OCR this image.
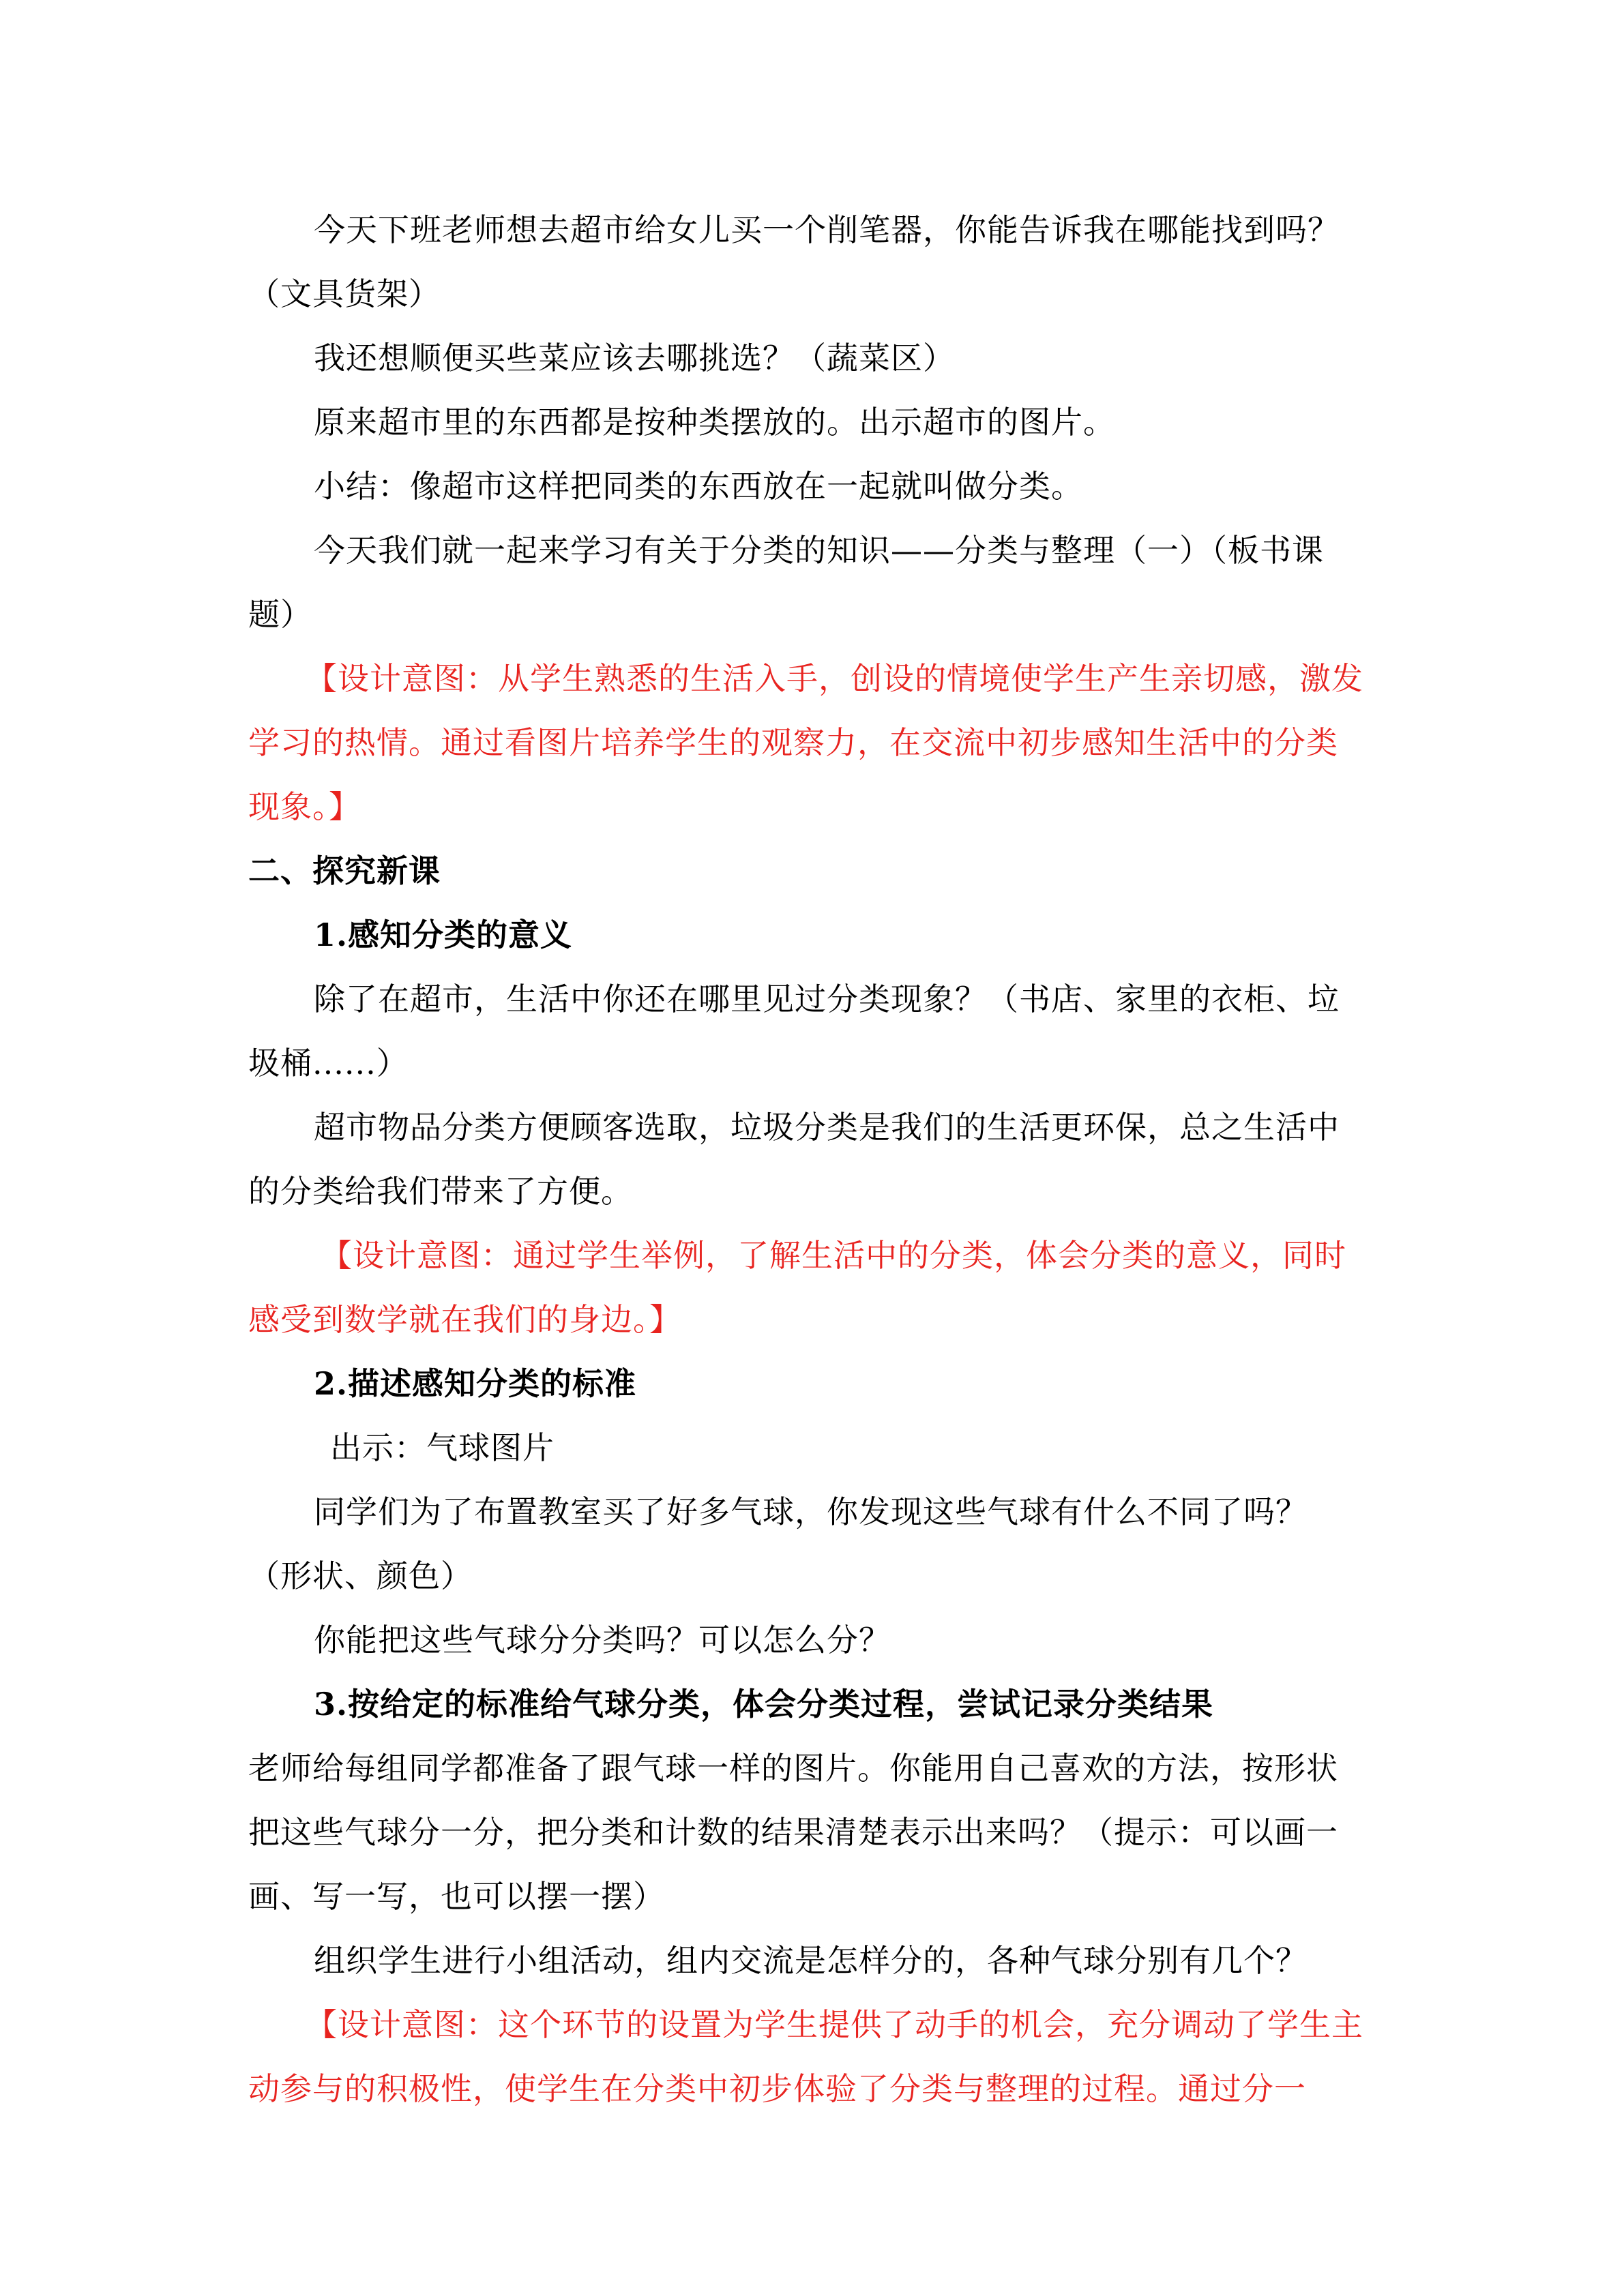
今天下班老师想去超市给女儿买一个削笔器，你能告诉我在哪能找到吗？
（文具货架）
我还想顺便买些菜应该去哪挑选？（蔬菜区）
原来超市里的东西都是按种类摆放的。出示超市的图片。
小结：像超市这样把同类的东西放在一起就叫做分类。
今天我们就一起来学习有关于分类的知识——分类与整理（一）（板书课
题）
【设计意图：从学生熟悉的生活入手，创设的情境使学生产生亲切感，激发
学习的热情。通过看图片培养学生的观察力，在交流中初步感知生活中的分类
现象。】
二、探究新课
1.感知分类的意义
除了在超市，生活中你还在哪里见过分类现象？（书店、家里的衣柜、垃
圾桶......）
超市物品分类方便顾客选取，垃圾分类是我们的生活更环保，总之生活中
的分类给我们带来了方便。
【设计意图：通过学生举例，了解生活中的分类，体会分类的意义，同时
感受到数学就在我们的身边。】
2.描述感知分类的标准
出示：气球图片
同学们为了布置教室买了好多气球，你发现这些气球有什么不同了吗？
（形状、颜色）
你能把这些气球分分类吗？可以怎么分？
3.按给定的标准给气球分类，体会分类过程，尝试记录分类结果
老师给每组同学都准备了跟气球一样的图片。你能用自己喜欢的方法，按形状
把这些气球分一分，把分类和计数的结果清楚表示出来吗？（提示：可以画一
画、写一写，也可以摆一摆）
组织学生进行小组活动，组内交流是怎样分的，各种气球分别有几个？
【设计意图：这个环节的设置为学生提供了动手的机会，充分调动了学生主
动参与的积极性，使学生在分类中初步体验了分类与整理的过程。通过分一
